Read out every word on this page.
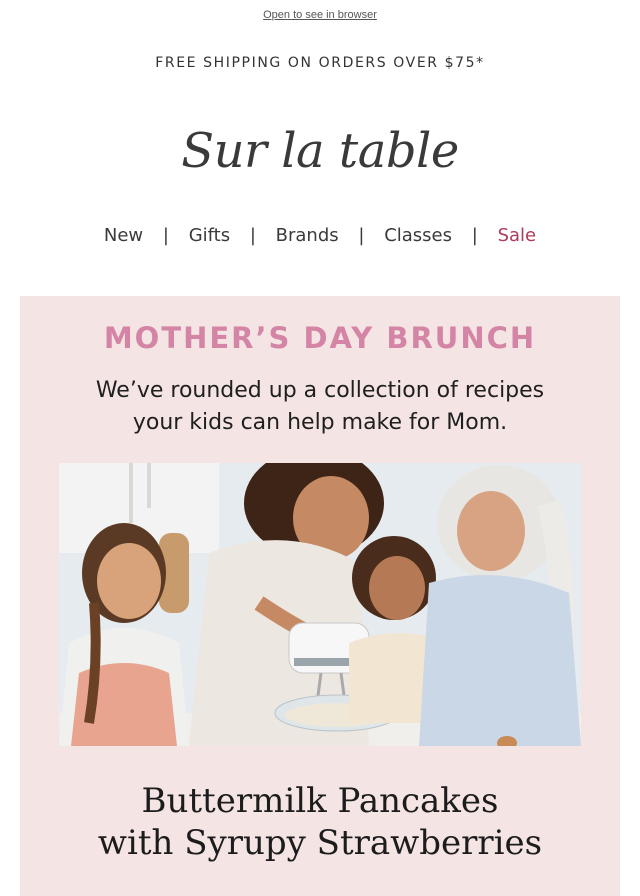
Open to see in browser
FREE SHIPPING ON ORDERS OVER $75*
Sur la table
New | Gifts | Brands | Classes | Sale
MOTHER’S DAY BRUNCH
We’ve rounded up a collection of recipes your kids can help make for Mom.
Buttermilk Pancakes
with Syrupy Strawberries
